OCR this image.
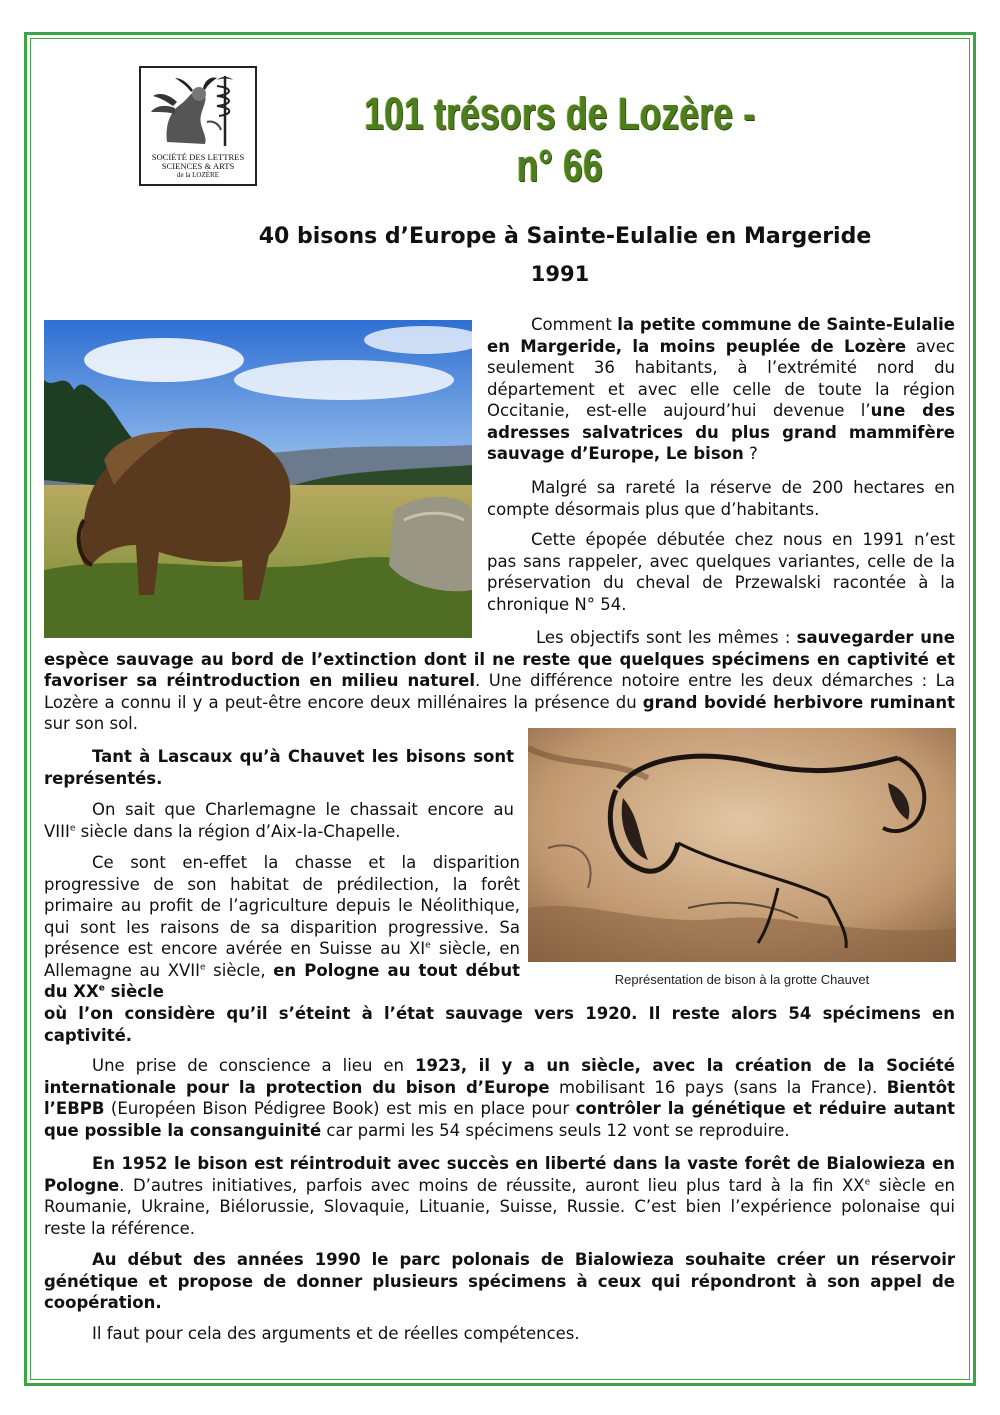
SOCIÉTÉ DES LETTRES
SCIENCES & ARTS
de la LOZÈRE
101 trésors de Lozère - n° 66
40 bisons d’Europe à Sainte-Eulalie en Margeride
1991
Représentation de bison à la grotte Chauvet

Comment la petite commune de Sainte-Eulalie en Margeride, la moins peuplée de Lozère avec seulement 36 habitants, à l’extrémité nord du département et avec elle celle de toute la région Occitanie, est-elle aujourd’hui devenue l’une des adresses salvatrices du plus grand mammifère sauvage d’Europe, Le bison ?

Malgré sa rareté la réserve de 200 hectares en compte désormais plus que d’habitants.

Cette épopée débutée chez nous en 1991 n’est pas sans rappeler, avec quelques variantes, celle de la préservation du cheval de Przewalski racontée à la chronique N° 54.

Les objectifs sont les mêmes : sauvegarder une espèce sauvage au bord de l’extinction dont il ne reste que quelques spécimens en captivité et favoriser sa réintroduction en milieu naturel. Une différence notoire entre les deux démarches : La Lozère a connu il y a peut-être encore deux millénaires la présence du grand bovidé herbivore ruminant sur son sol.

Tant à Lascaux qu’à Chauvet les bisons sont représentés.

On sait que Charlemagne le chassait encore au VIIIe siècle dans la région d’Aix-la-Chapelle.

Ce sont en-effet la chasse et la disparition progressive de son habitat de prédilection, la forêt primaire au profit de l’agriculture depuis le Néolithique, qui sont les raisons de sa disparition progressive. Sa présence est encore avérée en Suisse au XIe siècle, en Allemagne au XVIIe siècle, en Pologne au tout début du XXe siècle

où l’on considère qu’il s’éteint à l’état sauvage vers 1920. Il reste alors 54 spécimens en captivité.

Une prise de conscience a lieu en 1923, il y a un siècle, avec la création de la Société internationale pour la protection du bison d’Europe mobilisant 16 pays (sans la France). Bientôt l’EBPB (Européen Bison Pédigree Book) est mis en place pour contrôler la génétique et réduire autant que possible la consanguinité car parmi les 54 spécimens seuls 12 vont se reproduire.

En 1952 le bison est réintroduit avec succès en liberté dans la vaste forêt de Bialowieza en Pologne. D’autres initiatives, parfois avec moins de réussite, auront lieu plus tard à la fin XXe siècle en Roumanie, Ukraine, Biélorussie, Slovaquie, Lituanie, Suisse, Russie. C’est bien l’expérience polonaise qui reste la référence.

Au début des années 1990 le parc polonais de Bialowieza souhaite créer un réservoir génétique et propose de donner plusieurs spécimens à ceux qui répondront à son appel de coopération.

Il faut pour cela des arguments et de réelles compétences.
